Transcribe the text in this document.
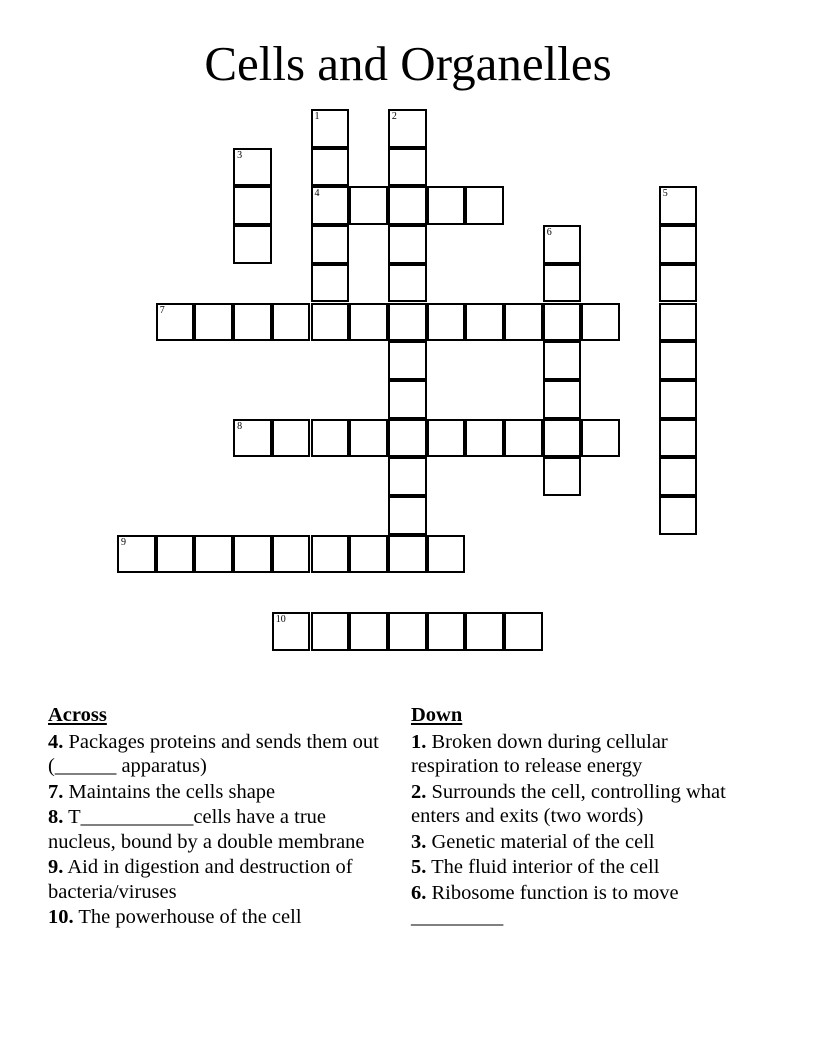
Cells and Organelles
1
4
2
3
5
6
7
8
9
10
Across
4. Packages proteins and sends them out (______ apparatus)
7. Maintains the cells shape
8. T___________cells have a true nucleus, bound by a double membrane
9. Aid in digestion and destruction of bacteria/viruses
10. The powerhouse of the cell
Down
1. Broken down during cellular respiration to release energy
2. Surrounds the cell, controlling what enters and exits (two words)
3. Genetic material of the cell
5. The fluid interior of the cell
6. Ribosome function is to move _________
